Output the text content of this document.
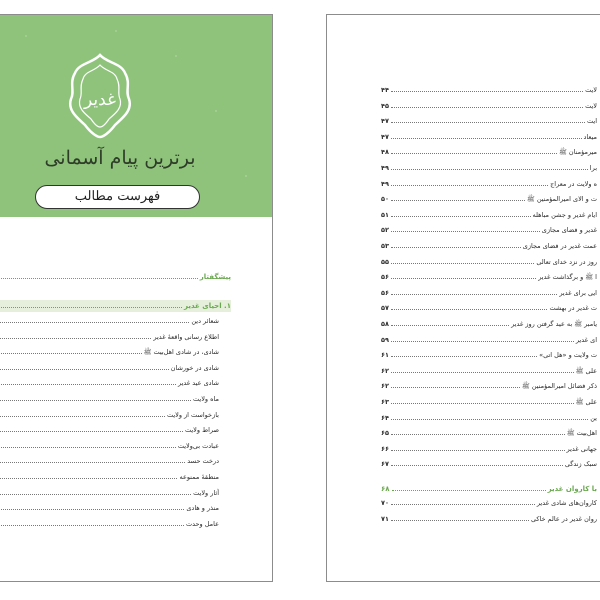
غدیر
برترین پیام آسمانی
فهرست مطالب
پیشگفتار
۱. احیای غدیر
شعائر دین
اطلاع رسانی واقعهٔ غدیر
شادی، در شادی اهل‌بیت ﷺ
شادی در خورشان
شادی عید غدیر
ماه ولایت
بازخواست از ولایت
صراط ولایت
عبادت بی‌ولایت
درخت حسد
منطقهٔ ممنوعه
آثار ولایت
منذر و هادی
عامل وحدت
لایت
۴۴
لایت
۴۵
ایت
۴۷
میعاد
۴۷
میرمؤمنان ﷺ
۴۸
برا
۴۹
ه ولایت در معراج
۴۹
ت و الای امیرالمؤمنین ﷺ
۵۰
ایام غدیر و جشن مباهله
۵۱
غدیر و فضای مجازی
۵۲
عمت غدیر در فضای مجازی
۵۳
روز در نزد خدای تعالی
۵۵
ا ﷺ و برگذاشت غدیر
۵۶
ایی برای غدیر
۵۶
ت غدیر در بهشت
۵۷
یامبر ﷺ به عید گرفتن روز غدیر
۵۸
ای غدیر
۵۹
ت ولایت و «هل اتی»
۶۱
علی ﷺ
۶۲
ذکر فضائل امیرالمؤمنین ﷺ
۶۲
علی ﷺ
۶۳
ین
۶۴
اهل‌بیت ﷺ
۶۵
جهانی غدیر
۶۶
سبک زندگی
۶۷
با کاروان غدیر
۶۸
کاروان‌های شادی غدیر
۷۰
روان غدیر در عالم خاکی
۷۱
